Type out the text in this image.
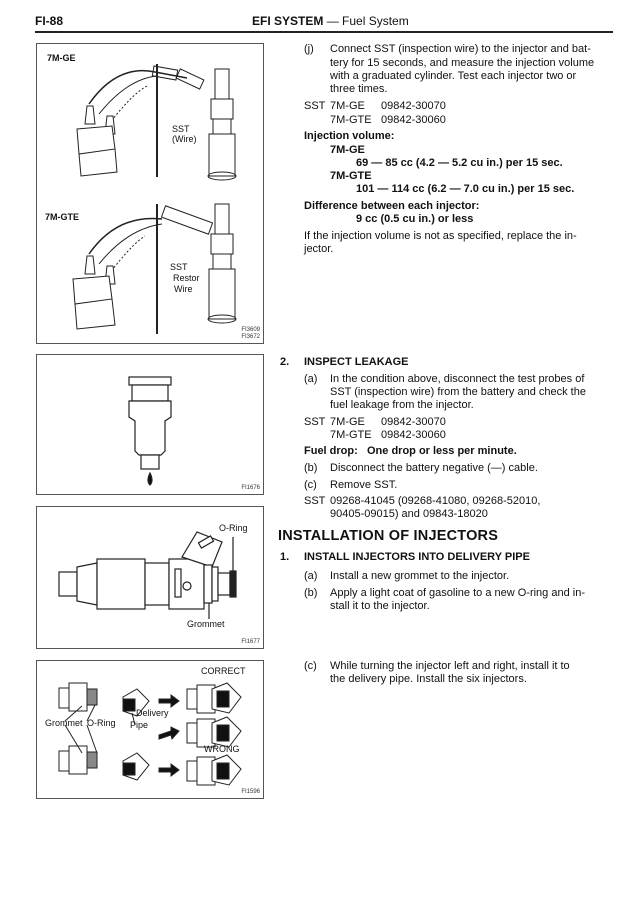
FI-88	EFI SYSTEM — Fuel System
7M-GE
SST
(Wire)
7M-GTE
SST
Restor
Wire
FI3609
FI3672
FI1676
O-Ring
Grommet
FI1677
CORRECT
Delivery
Pipe
Grommet O-Ring
WRONG
FI1596
(j) Connect SST (inspection wire) to the injector and bat-
tery for 15 seconds, and measure the injection volume
with a graduated cylinder. Test each injector two or
three times.
SST 7M-GE 09842-30070
7M-GTE 09842-30060
Injection volume:
7M-GE
69 — 85 cc (4.2 — 5.2 cu in.) per 15 sec.
7M-GTE
101 — 114 cc (6.2 — 7.0 cu in.) per 15 sec.
Difference between each injector:
9 cc (0.5 cu in.) or less
If the injection volume is not as specified, replace the in-
jector.
2. INSPECT LEAKAGE
(a) In the condition above, disconnect the test probes of
SST (inspection wire) from the battery and check the
fuel leakage from the injector.
SST 7M-GE 09842-30070
7M-GTE 09842-30060
Fuel drop: One drop or less per minute.
(b) Disconnect the battery negative (—) cable.
(c) Remove SST.
SST 09268-41045 (09268-41080, 09268-52010,
90405-09015) and 09843-18020
INSTALLATION OF INJECTORS
1. INSTALL INJECTORS INTO DELIVERY PIPE
(a) Install a new grommet to the injector.
(b) Apply a light coat of gasoline to a new O-ring and in-
stall it to the injector.
(c) While turning the injector left and right, install it to
the delivery pipe. Install the six injectors.
